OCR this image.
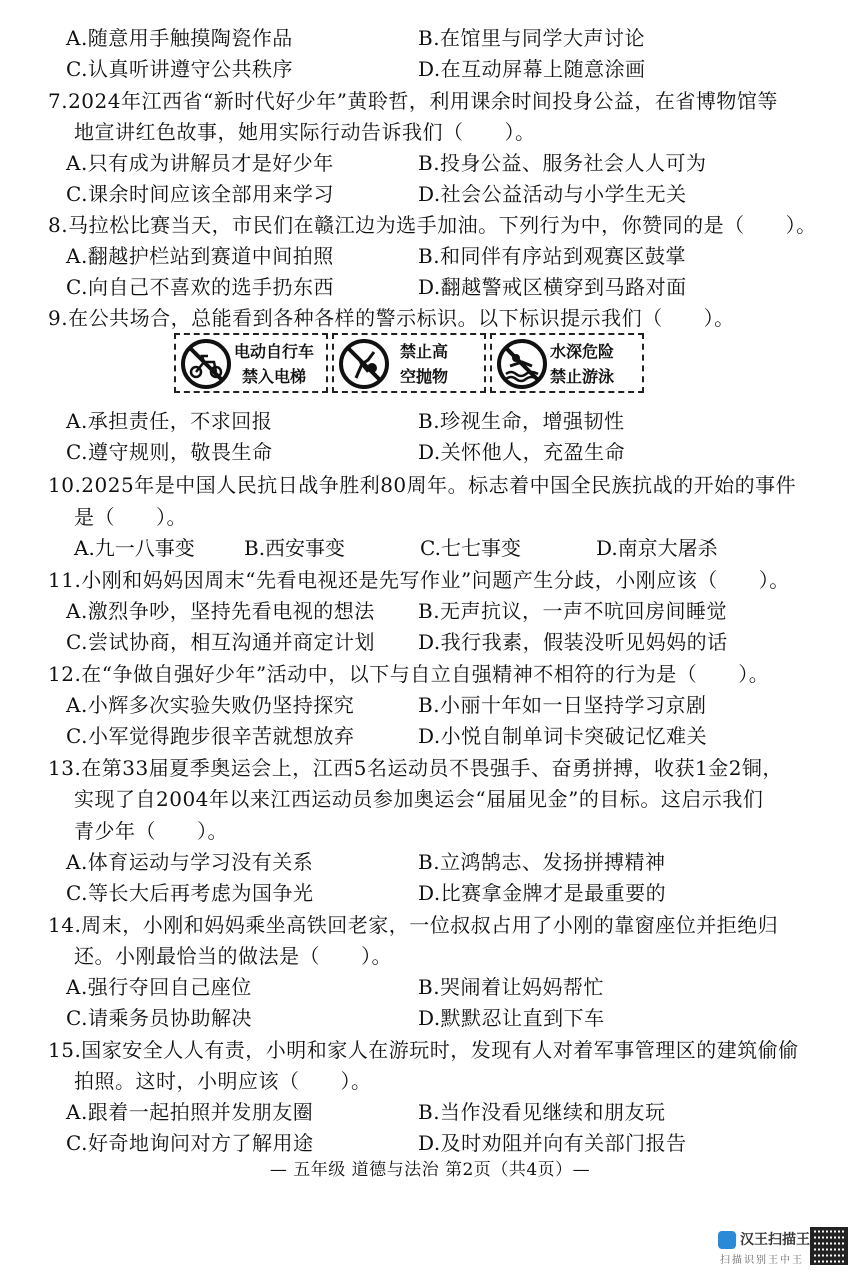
A.随意用手触摸陶瓷作品	B.在馆里与同学大声讨论
C.认真听讲遵守公共秩序	D.在互动屏幕上随意涂画
7.2024年江西省“新时代好少年”黄聆哲，利用课余时间投身公益，在省博物馆等
地宣讲红色故事，她用实际行动告诉我们（　　）。
A.只有成为讲解员才是好少年	B.投身公益、服务社会人人可为
C.课余时间应该全部用来学习	D.社会公益活动与小学生无关
8.马拉松比赛当天，市民们在赣江边为选手加油。下列行为中，你赞同的是（　　）。
A.翻越护栏站到赛道中间拍照	B.和同伴有序站到观赛区鼓掌
C.向自己不喜欢的选手扔东西	D.翻越警戒区横穿到马路对面
9.在公共场合，总能看到各种各样的警示标识。以下标识提示我们（　　）。
电动自行车
禁入电梯
禁止高
空抛物
水深危险
禁止游泳
A.承担责任，不求回报	B.珍视生命，增强韧性
C.遵守规则，敬畏生命	D.关怀他人，充盈生命
10.2025年是中国人民抗日战争胜利80周年。标志着中国全民族抗战的开始的事件
是（　　）。
A.九一八事变 B.西安事变	C.七七事变	D.南京大屠杀
11.小刚和妈妈因周末“先看电视还是先写作业”问题产生分歧，小刚应该（　　）。
A.激烈争吵，坚持先看电视的想法 B.无声抗议，一声不吭回房间睡觉
C.尝试协商，相互沟通并商定计划 D.我行我素，假装没听见妈妈的话
12.在“争做自强好少年”活动中，以下与自立自强精神不相符的行为是（　　）。
A.小辉多次实验失败仍坚持探究	B.小丽十年如一日坚持学习京剧
C.小军觉得跑步很辛苦就想放弃	D.小悦自制单词卡突破记忆难关
13.在第33届夏季奥运会上，江西5名运动员不畏强手、奋勇拼搏，收获1金2铜，
实现了自2004年以来江西运动员参加奥运会“届届见金”的目标。这启示我们
青少年（　　）。
A.体育运动与学习没有关系	B.立鸿鹄志、发扬拼搏精神
C.等长大后再考虑为国争光	D.比赛拿金牌才是最重要的
14.周末，小刚和妈妈乘坐高铁回老家，一位叔叔占用了小刚的靠窗座位并拒绝归
还。小刚最恰当的做法是（　　）。
A.强行夺回自己座位	B.哭闹着让妈妈帮忙
C.请乘务员协助解决	D.默默忍让直到下车
15.国家安全人人有责，小明和家人在游玩时，发现有人对着军事管理区的建筑偷偷
拍照。这时，小明应该（　　）。
A.跟着一起拍照并发朋友圈	B.当作没看见继续和朋友玩
C.好奇地询问对方了解用途	D.及时劝阻并向有关部门报告
— 五年级 道德与法治 第2页（共4页）—
汉王扫描王
扫描识别王中王
